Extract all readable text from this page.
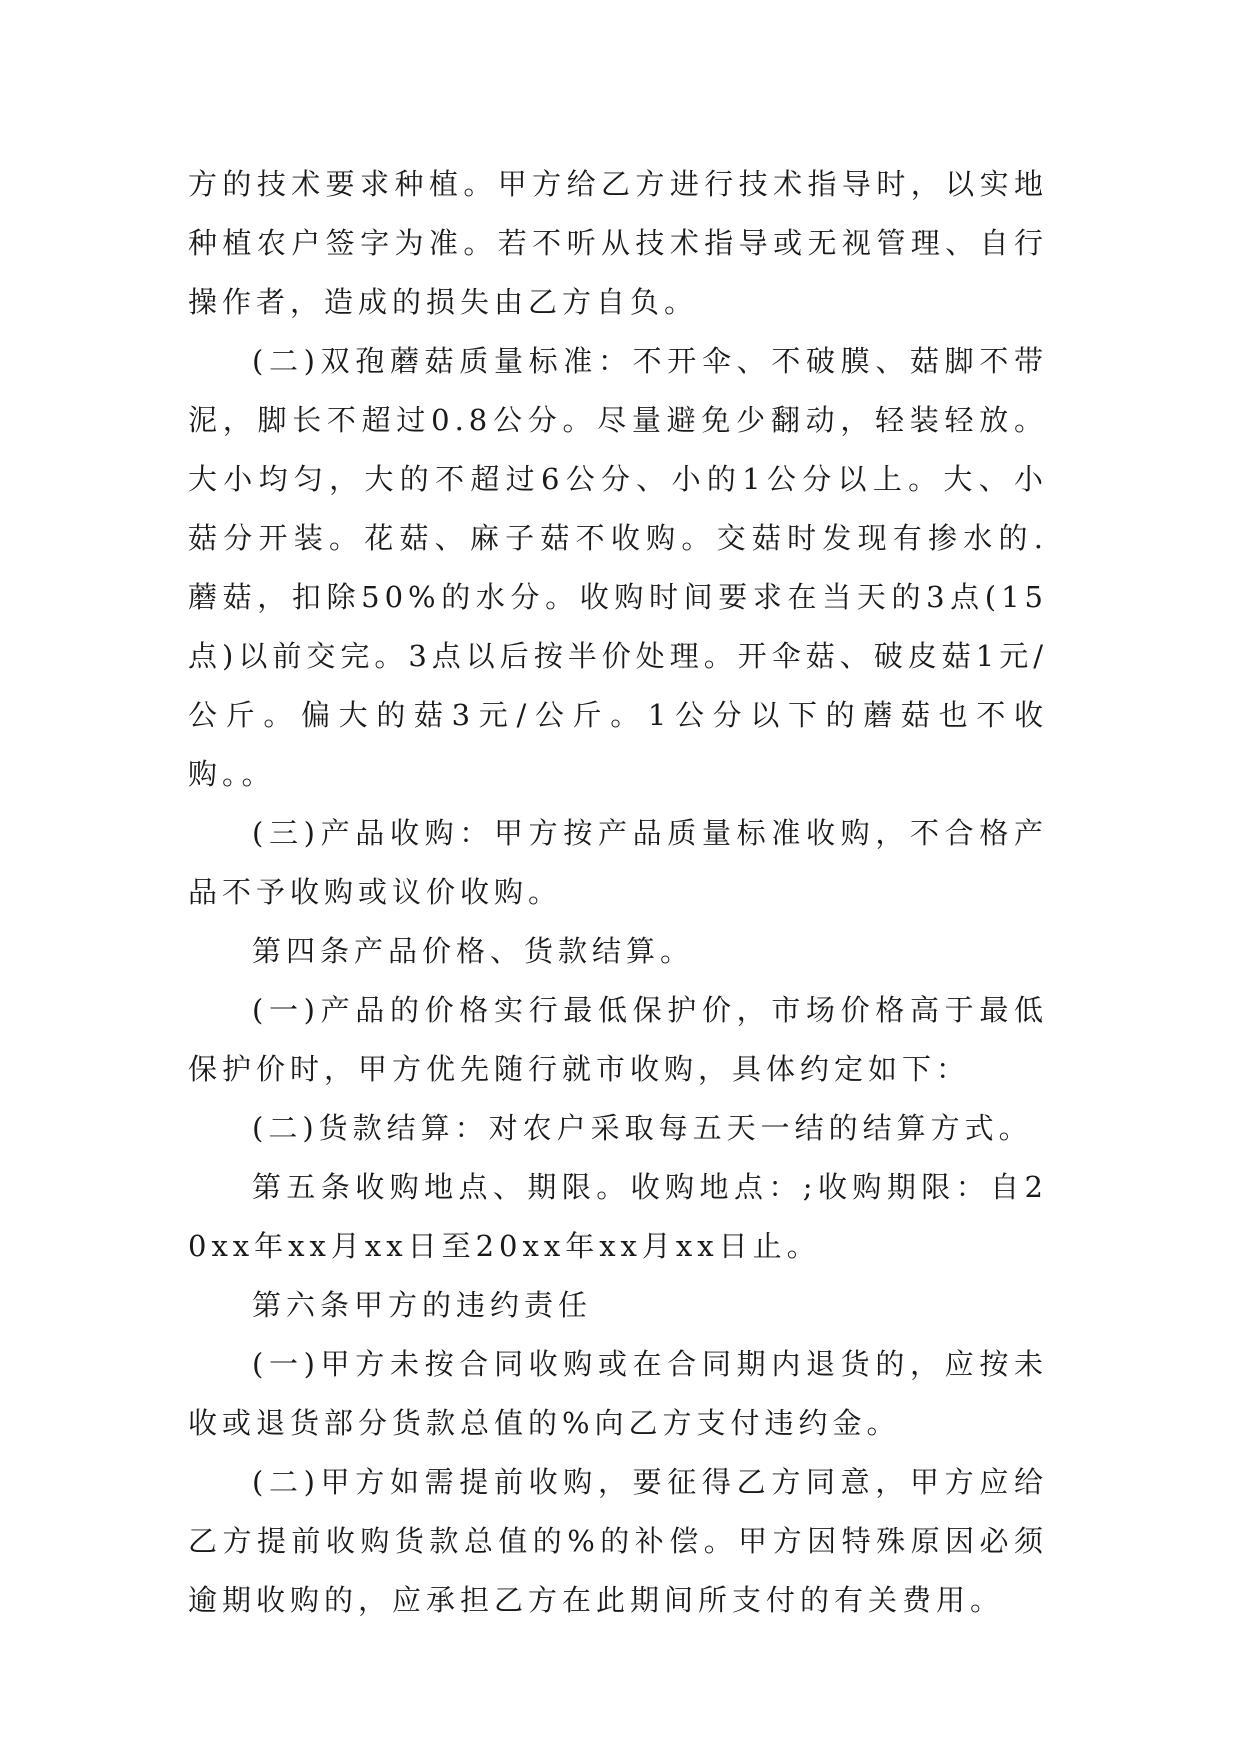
方的技术要求种植。甲方给乙方进行技术指导时，以实地种植农户签字为准。若不听从技术指导或无视管理、自行操作者，造成的损失由乙方自负。

(二)双孢蘑菇质量标准：不开伞、不破膜、菇脚不带泥，脚长不超过0.8公分。尽量避免少翻动，轻装轻放。大小均匀，大的不超过6公分、小的1公分以上。大、小菇分开装。花菇、麻子菇不收购。交菇时发现有掺水的.蘑菇，扣除50%的水分。收购时间要求在当天的3点(15点)以前交完。3点以后按半价处理。开伞菇、破皮菇1元/公斤。偏大的菇3元/公斤。1公分以下的蘑菇也不收购。。

(三)产品收购：甲方按产品质量标准收购，不合格产品不予收购或议价收购。

第四条产品价格、货款结算。

(一)产品的价格实行最低保护价，市场价格高于最低保护价时，甲方优先随行就市收购，具体约定如下：

(二)货款结算：对农户采取每五天一结的结算方式。

第五条收购地点、期限。收购地点：;收购期限：自20xx年xx月xx日至20xx年xx月xx日止。

第六条甲方的违约责任

(一)甲方未按合同收购或在合同期内退货的，应按未收或退货部分货款总值的%向乙方支付违约金。

(二)甲方如需提前收购，要征得乙方同意，甲方应给乙方提前收购货款总值的%的补偿。甲方因特殊原因必须逾期收购的，应承担乙方在此期间所支付的有关费用。
